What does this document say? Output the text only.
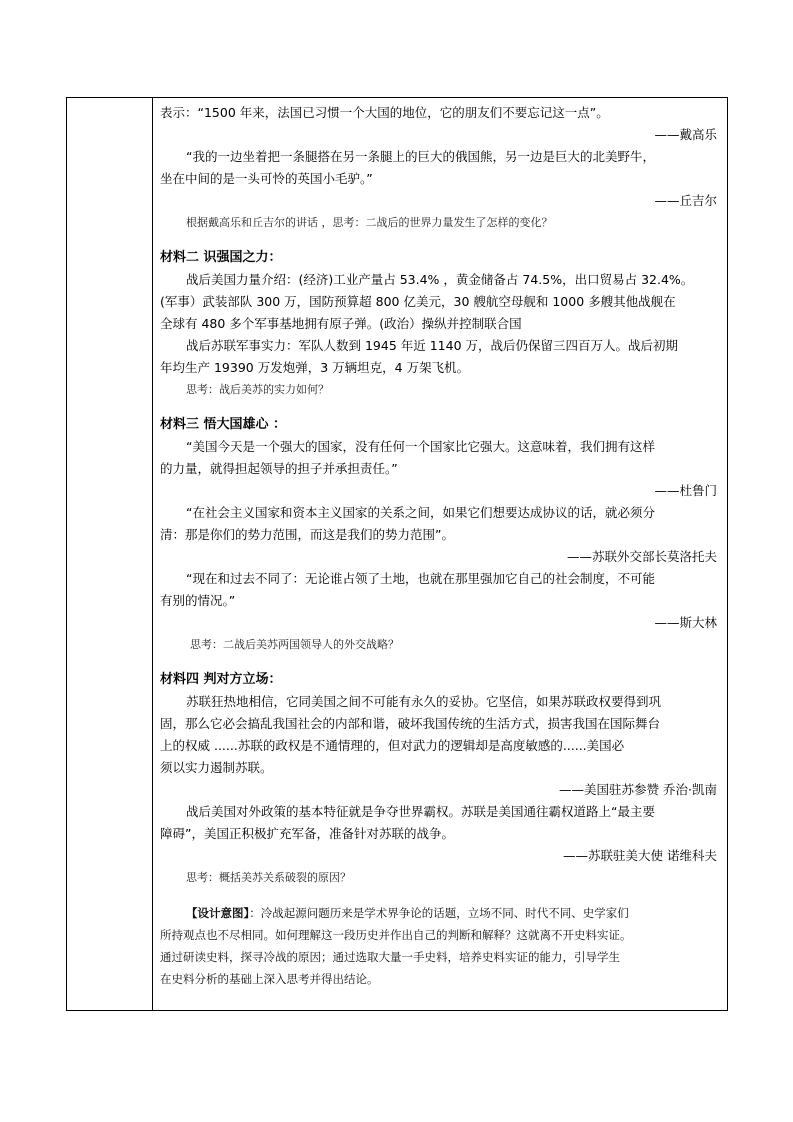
表示：“1500 年来，法国已习惯一个大国的地位，它的朋友们不要忘记这一点”。

——戴高乐

“我的一边坐着把一条腿搭在另一条腿上的巨大的俄国熊，另一边是巨大的北美野牛，

坐在中间的是一头可怜的英国小毛驴。”

——丘吉尔

根据戴高乐和丘吉尔的讲话 ，思考：二战后的世界力量发生了怎样的变化？

材料二 识强国之力：

战后美国力量介绍：(经济)工业产量占 53.4% ，黄金储备占 74.5%，出口贸易占 32.4%。

(军事）武装部队 300 万，国防预算超 800 亿美元，30 艘航空母舰和 1000 多艘其他战舰在

全球有 480 多个军事基地拥有原子弹。(政治）操纵并控制联合国

战后苏联军事实力：军队人数到 1945 年近 1140 万，战后仍保留三四百万人。战后初期

年均生产 19390 万发炮弹，3 万辆坦克，4 万架飞机。

思考：战后美苏的实力如何？

材料三 悟大国雄心 ：

“美国今天是一个强大的国家，没有任何一个国家比它强大。这意味着，我们拥有这样

的力量，就得担起领导的担子并承担责任。”

——杜鲁门

“在社会主义国家和资本主义国家的关系之间，如果它们想要达成协议的话，就必须分

清：那是你们的势力范围，而这是我们的势力范围”。

——苏联外交部长莫洛托夫

“现在和过去不同了：无论谁占领了土地，也就在那里强加它自己的社会制度，不可能

有别的情况。”

——斯大林

思考：二战后美苏两国领导人的外交战略？

材料四 判对方立场：

苏联狂热地相信，它同美国之间不可能有永久的妥协。它坚信，如果苏联政权要得到巩

固，那么它必会搞乱我国社会的内部和谐，破坏我国传统的生活方式，损害我国在国际舞台

上的权威 ......苏联的政权是不通情理的，但对武力的逻辑却是高度敏感的......美国必

须以实力遏制苏联。

——美国驻苏参赞 乔治·凯南

战后美国对外政策的基本特征就是争夺世界霸权。苏联是美国通往霸权道路上“最主要

障碍”，美国正积极扩充军备，准备针对苏联的战争。

——苏联驻美大使 诺维科夫

思考：概括美苏关系破裂的原因？

【设计意图】：冷战起源问题历来是学术界争论的话题，立场不同、时代不同、史学家们

所持观点也不尽相同。如何理解这一段历史并作出自己的判断和解释？这就离不开史料实证。

通过研读史料，探寻冷战的原因；通过选取大量一手史料，培养史料实证的能力，引导学生

在史料分析的基础上深入思考并得出结论。
